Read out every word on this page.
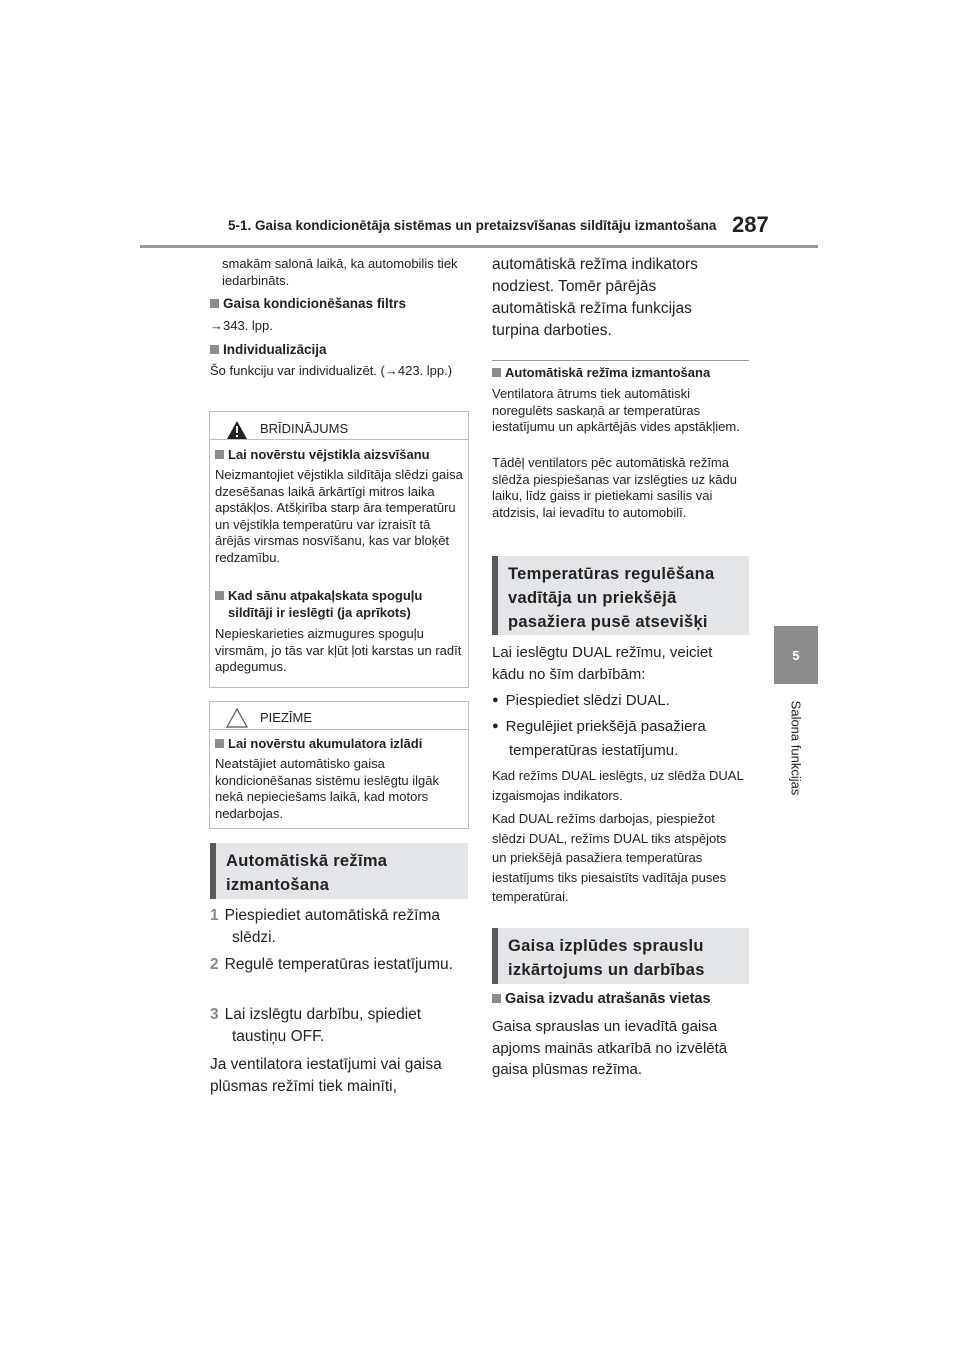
5-1. Gaisa kondicionētāja sistēmas un pretaizsvīšanas sildītāju izmantošana 287
5
Salona funkcijas
smakām salonā laikā, ka automobilis tiek iedarbināts.
Gaisa kondicionēšanas filtrs
→343. lpp.
Individualizācija
Šo funkciju var individualizēt. (→423. lpp.)
BRĪDINĀJUMS
Lai novērstu vējstikla aizsvīšanu
Neizmantojiet vējstikla sildītāja slēdzi gaisa dzesēšanas laikā ārkārtīgi mitros laika apstākļos. Atšķirība starp āra temperatūru un vējstikla temperatūru var izraisīt tā ārējās virsmas nosvīšanu, kas var bloķēt redzamību.
Kad sānu atpakaļskata spoguļu sildītāji ir ieslēgti (ja aprīkots)
Nepieskarieties aizmugures spoguļu virsmām, jo tās var kļūt ļoti karstas un radīt apdegumus.
PIEZĪME
Lai novērstu akumulatora izlādi
Neatstājiet automātisko gaisa kondicionēšanas sistēmu ieslēgtu ilgāk nekā nepieciešams laikā, kad motors nedarbojas.
Automātiskā režīma izmantošana
1 Piespiediet automātiskā režīma slēdzi.
2 Regulē temperatūras iestatījumu.
3 Lai izslēgtu darbību, spiediet taustiņu OFF.
Ja ventilatora iestatījumi vai gaisa plūsmas režīmi tiek mainīti,
automātiskā režīma indikators nodziest. Tomēr pārējās automātiskā režīma funkcijas turpina darboties.
Automātiskā režīma izmantošana
Ventilatora ātrums tiek automātiski noregulēts saskaņā ar temperatūras iestatījumu un apkārtējās vides apstākļiem.
Tādēļ ventilators pēc automātiskā režīma slēdža piespiešanas var izslēgties uz kādu laiku, līdz gaiss ir pietiekami sasilis vai atdzisis, lai ievadītu to automobilī.
Temperatūras regulēšana vadītāja un priekšējā pasažiera pusē atsevišķi
Lai ieslēgtu DUAL režīmu, veiciet kādu no šīm darbībām:
● Piespiediet slēdzi DUAL.
● Regulējiet priekšējā pasažiera temperatūras iestatījumu.
Kad režīms DUAL ieslēgts, uz slēdža DUAL izgaismojas indikators.
Kad DUAL režīms darbojas, piespiežot slēdzi DUAL, režīms DUAL tiks atspējots un priekšējā pasažiera temperatūras iestatījums tiks piesaistīts vadītāja puses temperatūrai.
Gaisa izplūdes sprauslu izkārtojums un darbības
Gaisa izvadu atrašanās vietas
Gaisa sprauslas un ievadītā gaisa apjoms mainās atkarībā no izvēlētā gaisa plūsmas režīma.
